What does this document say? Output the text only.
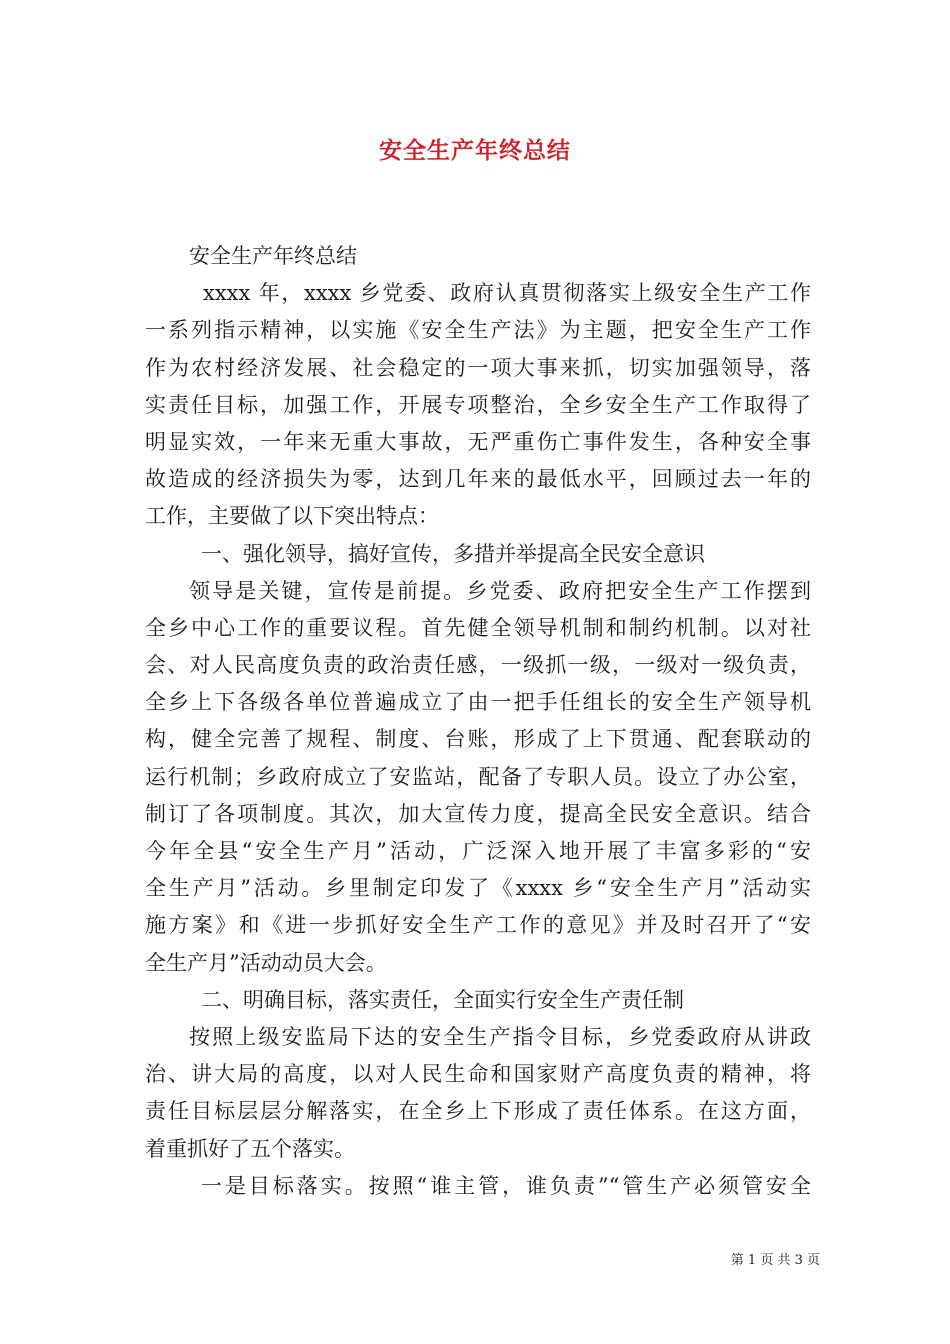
安全生产年终总结
安全生产年终总结
xxxx 年，xxxx 乡党委、政府认真贯彻落实上级安全生产工作
一系列指示精神，以实施《安全生产法》为主题，把安全生产工作
作为农村经济发展、社会稳定的一项大事来抓，切实加强领导，落
实责任目标，加强工作，开展专项整治，全乡安全生产工作取得了
明显实效，一年来无重大事故，无严重伤亡事件发生，各种安全事
故造成的经济损失为零，达到几年来的最低水平，回顾过去一年的
工作，主要做了以下突出特点：
一、强化领导，搞好宣传，多措并举提高全民安全意识
领导是关键，宣传是前提。乡党委、政府把安全生产工作摆到
全乡中心工作的重要议程。首先健全领导机制和制约机制。以对社
会、对人民高度负责的政治责任感，一级抓一级，一级对一级负责，
全乡上下各级各单位普遍成立了由一把手任组长的安全生产领导机
构，健全完善了规程、制度、台账，形成了上下贯通、配套联动的
运行机制；乡政府成立了安监站，配备了专职人员。设立了办公室，
制订了各项制度。其次，加大宣传力度，提高全民安全意识。结合
今年全县“安全生产月”活动，广泛深入地开展了丰富多彩的“安
全生产月”活动。乡里制定印发了《xxxx 乡“安全生产月”活动实
施方案》和《进一步抓好安全生产工作的意见》并及时召开了“安
全生产月”活动动员大会。
二、明确目标，落实责任，全面实行安全生产责任制
按照上级安监局下达的安全生产指令目标，乡党委政府从讲政
治、讲大局的高度，以对人民生命和国家财产高度负责的精神，将
责任目标层层分解落实，在全乡上下形成了责任体系。在这方面，
着重抓好了五个落实。
一是目标落实。按照“谁主管，谁负责”“管生产必须管安全
第 1 页 共 3 页
